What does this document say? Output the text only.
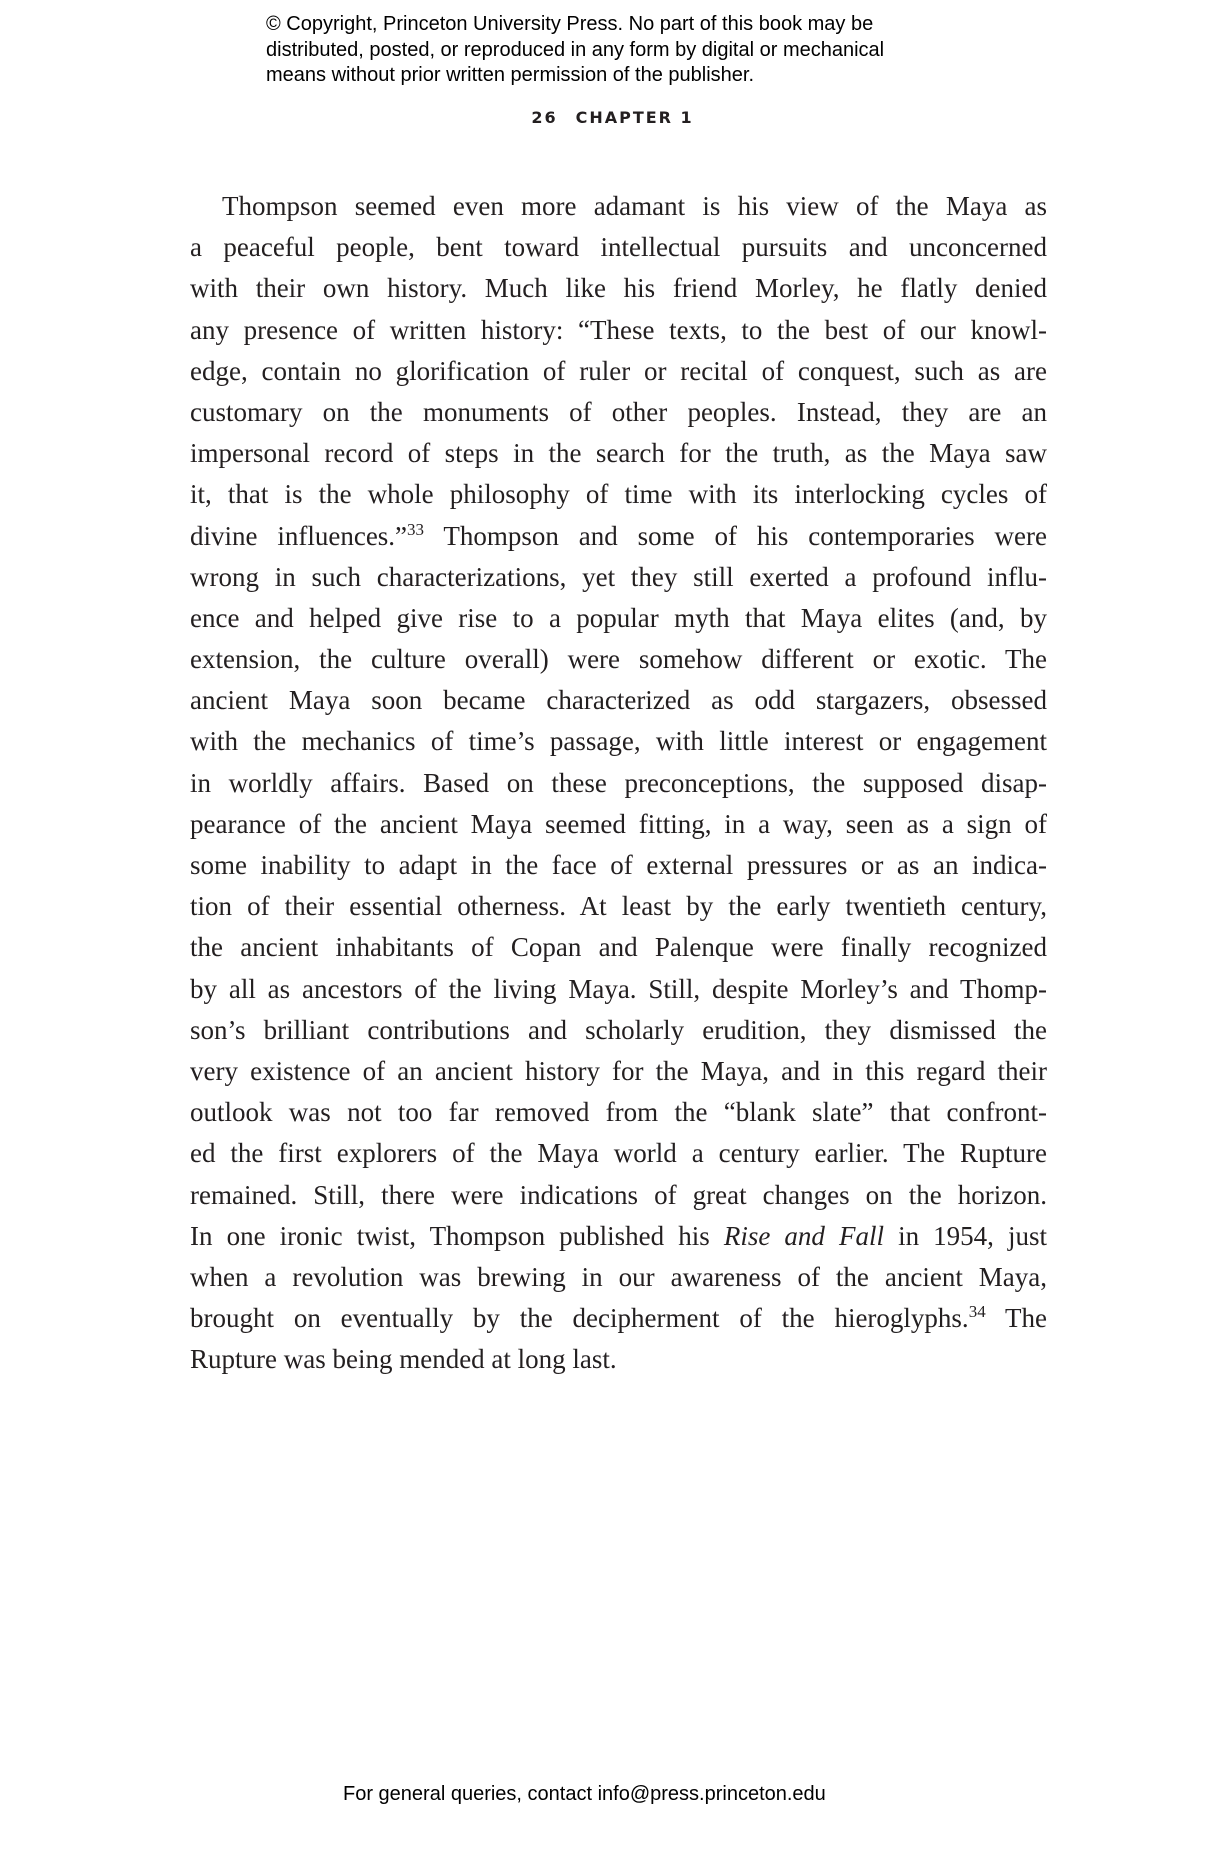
© Copyright, Princeton University Press. No part of this book may be
distributed, posted, or reproduced in any form by digital or mechanical
means without prior written permission of the publisher.
26 CHAPTER 1
Thompson seemed even more adamant is his view of the Maya as
a peaceful people, bent toward intellectual pursuits and unconcerned
with their own history. Much like his friend Morley, he flatly denied
any presence of written history: “These texts, to the best of our knowl-
edge, contain no glorification of ruler or recital of conquest, such as are
customary on the monuments of other peoples. Instead, they are an
impersonal record of steps in the search for the truth, as the Maya saw
it, that is the whole philosophy of time with its interlocking cycles of
divine influences.”$^{33}$ Thompson and some of his contemporaries were
wrong in such characterizations, yet they still exerted a profound influ-
ence and helped give rise to a popular myth that Maya elites (and, by
extension, the culture overall) were somehow different or exotic. The
ancient Maya soon became characterized as odd stargazers, obsessed
with the mechanics of time’s passage, with little interest or engagement
in worldly affairs. Based on these preconceptions, the supposed disap-
pearance of the ancient Maya seemed fitting, in a way, seen as a sign of
some inability to adapt in the face of external pressures or as an indica-
tion of their essential otherness. At least by the early twentieth century,
the ancient inhabitants of Copan and Palenque were finally recognized
by all as ancestors of the living Maya. Still, despite Morley’s and Thomp-
son’s brilliant contributions and scholarly erudition, they dismissed the
very existence of an ancient history for the Maya, and in this regard their
outlook was not too far removed from the “blank slate” that confront-
ed the first explorers of the Maya world a century earlier. The Rupture
remained. Still, there were indications of great changes on the horizon.
In one ironic twist, Thompson published his Rise and Fall in 1954, just
when a revolution was brewing in our awareness of the ancient Maya,
brought on eventually by the decipherment of the hieroglyphs.$^{34}$ The
Rupture was being mended at long last.
For general queries, contact info@press.princeton.edu
